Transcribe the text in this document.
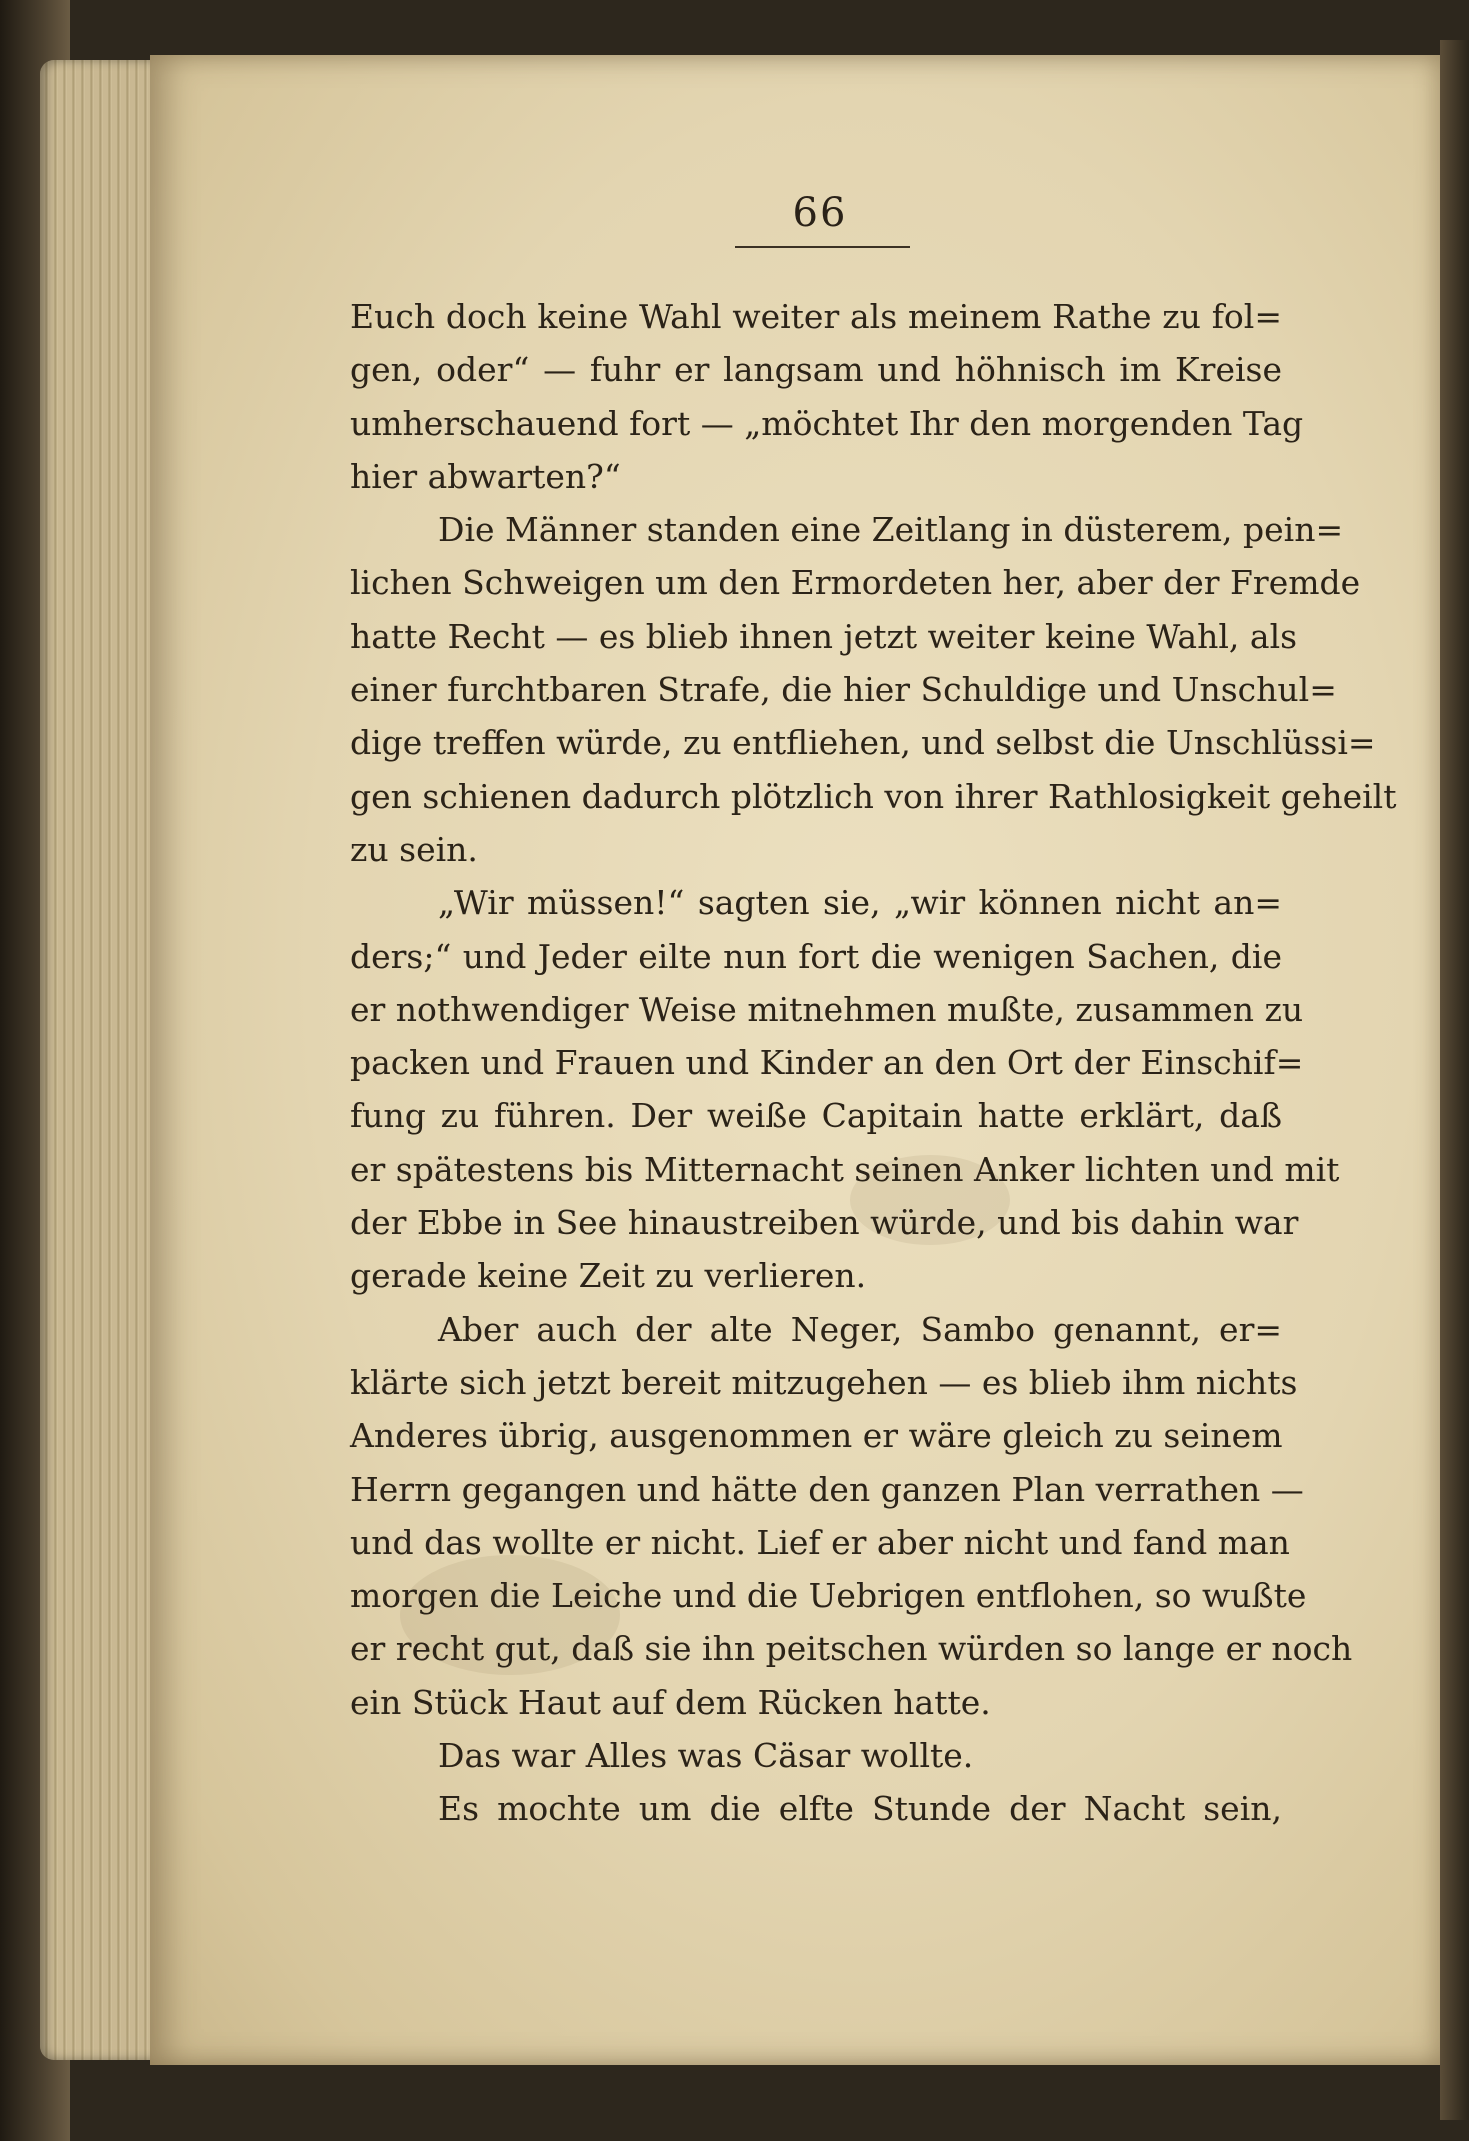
66
Euch doch keine Wahl weiter als meinem Rathe zu fol=
gen, oder“ — fuhr er langsam und höhnisch im Kreise
umherschauend fort — „möchtet Ihr den morgenden Tag
hier abwarten?“
Die Männer standen eine Zeitlang in düsterem, pein=
lichen Schweigen um den Ermordeten her, aber der Fremde
hatte Recht — es blieb ihnen jetzt weiter keine Wahl, als
einer furchtbaren Strafe, die hier Schuldige und Unschul=
dige treffen würde, zu entfliehen, und selbst die Unschlüssi=
gen schienen dadurch plötzlich von ihrer Rathlosigkeit geheilt
zu sein.
„Wir müssen!“ sagten sie, „wir können nicht an=
ders;“ und Jeder eilte nun fort die wenigen Sachen, die
er nothwendiger Weise mitnehmen mußte, zusammen zu
packen und Frauen und Kinder an den Ort der Einschif=
fung zu führen. Der weiße Capitain hatte erklärt, daß
er spätestens bis Mitternacht seinen Anker lichten und mit
der Ebbe in See hinaustreiben würde, und bis dahin war
gerade keine Zeit zu verlieren.
Aber auch der alte Neger, Sambo genannt, er=
klärte sich jetzt bereit mitzugehen — es blieb ihm nichts
Anderes übrig, ausgenommen er wäre gleich zu seinem
Herrn gegangen und hätte den ganzen Plan verrathen —
und das wollte er nicht. Lief er aber nicht und fand man
morgen die Leiche und die Uebrigen entflohen, so wußte
er recht gut, daß sie ihn peitschen würden so lange er noch
ein Stück Haut auf dem Rücken hatte.
Das war Alles was Cäsar wollte.
Es mochte um die elfte Stunde der Nacht sein,
